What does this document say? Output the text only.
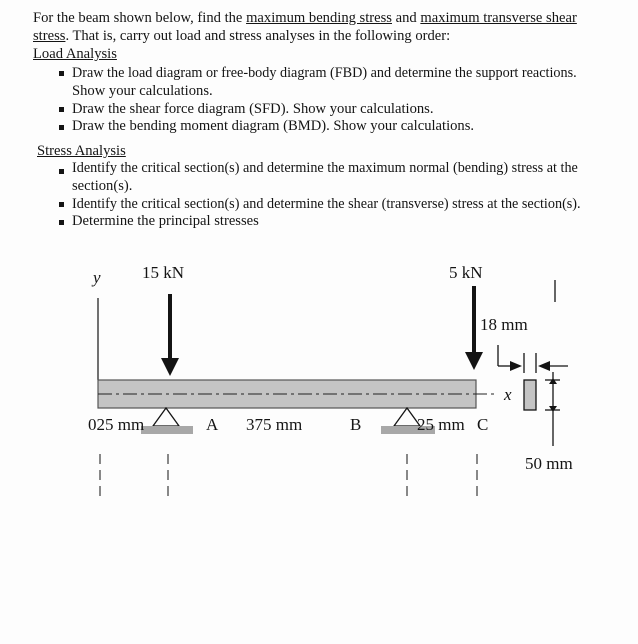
For the beam shown below, find the maximum bending stress and maximum transverse shear
stress. That is, carry out load and stress analyses in the following order:
Load Analysis
Draw the load diagram or free-body diagram (FBD) and determine the support reactions.
Show your calculations.
Draw the shear force diagram (SFD). Show your calculations.
Draw the bending moment diagram (BMD). Show your calculations.
Stress Analysis
Identify the critical section(s) and determine the maximum normal (bending) stress at the
section(s).
Identify the critical section(s) and determine the shear (transverse) stress at the section(s).
Determine the principal stresses
y 15 kN	5 kN
x
025 mm	A 375 mm	B	25 mm C
18 mm
50 mm
